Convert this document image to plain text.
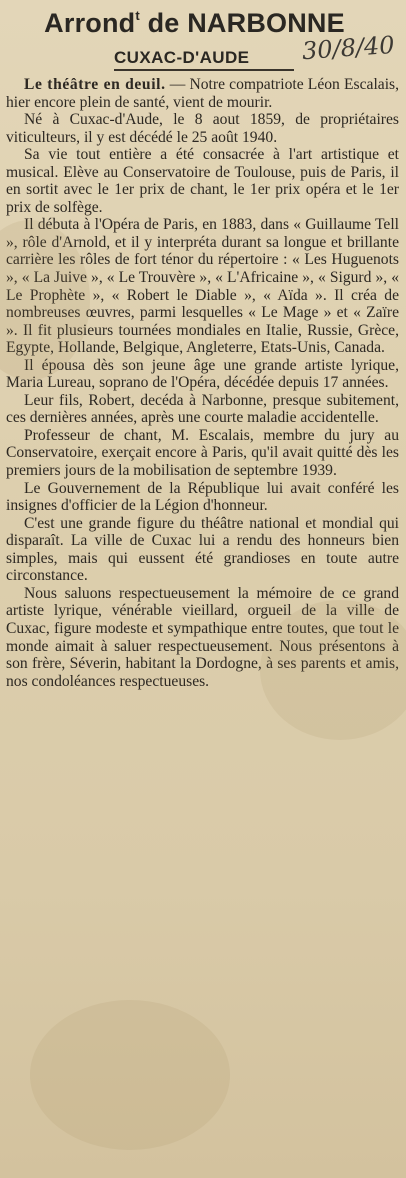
Arrond$^t$ de NARBONNE
CUXAC-D'AUDE 30/8/40

Le théâtre en deuil. — Notre compatriote Léon Escalais, hier encore plein de santé, vient de mourir.

Né à Cuxac-d'Aude, le 8 aout 1859, de propriétaires viticulteurs, il y est décédé le 25 août 1940.

Sa vie tout entière a été consacrée à l'art artistique et musical. Elève au Conservatoire de Toulouse, puis de Paris, il en sortit avec le 1er prix de chant, le 1er prix opéra et le 1er prix de solfège.

Il débuta à l'Opéra de Paris, en 1883, dans « Guillaume Tell », rôle d'Arnold, et il y interpréta durant sa longue et brillante carrière les rôles de fort ténor du répertoire : « Les Huguenots », « La Juive », « Le Trouvère », « L'Africaine », « Sigurd », « Le Prophète », « Robert le Diable », « Aïda ». Il créa de nombreuses œuvres, parmi lesquelles « Le Mage » et « Zaïre ». Il fit plusieurs tournées mondiales en Italie, Russie, Grèce, Egypte, Hollande, Belgique, Angleterre, Etats-Unis, Canada.

Il épousa dès son jeune âge une grande artiste lyrique, Maria Lureau, soprano de l'Opéra, décédée depuis 17 années.

Leur fils, Robert, decéda à Narbonne, presque subitement, ces dernières années, après une courte maladie accidentelle.

Professeur de chant, M. Escalais, membre du jury au Conservatoire, exerçait encore à Paris, qu'il avait quitté dès les premiers jours de la mobilisation de septembre 1939.

Le Gouvernement de la République lui avait conféré les insignes d'officier de la Légion d'honneur.

C'est une grande figure du théâtre national et mondial qui disparaît. La ville de Cuxac lui a rendu des honneurs bien simples, mais qui eussent été grandioses en toute autre circonstance.

Nous saluons respectueusement la mémoire de ce grand artiste lyrique, vénérable vieillard, orgueil de la ville de Cuxac, figure modeste et sympathique entre toutes, que tout le monde aimait à saluer respectueusement. Nous présentons à son frère, Séverin, habitant la Dordogne, à ses parents et amis, nos condoléances respectueuses.
